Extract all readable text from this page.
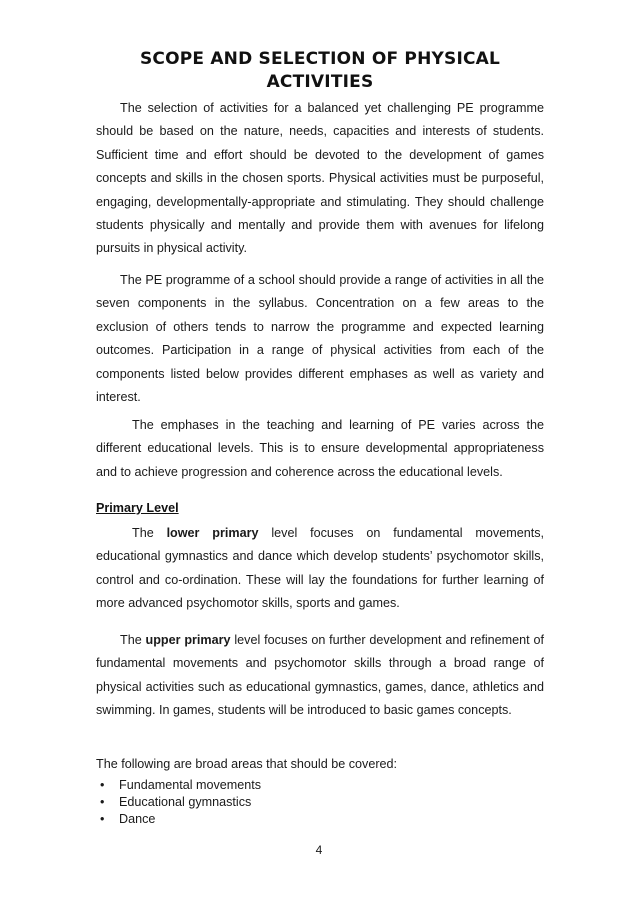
SCOPE AND SELECTION OF PHYSICAL ACTIVITIES

The selection of activities for a balanced yet challenging PE programme should be based on the nature, needs, capacities and interests of students. Sufficient time and effort should be devoted to the development of games concepts and skills in the chosen sports. Physical activities must be purposeful, engaging, developmentally-appropriate and stimulating. They should challenge students physically and mentally and provide them with avenues for lifelong pursuits in physical activity.

The PE programme of a school should provide a range of activities in all the seven components in the syllabus. Concentration on a few areas to the exclusion of others tends to narrow the programme and expected learning outcomes. Participation in a range of physical activities from each of the components listed below provides different emphases as well as variety and interest.

The emphases in the teaching and learning of PE varies across the different educational levels. This is to ensure developmental appropriateness and to achieve progression and coherence across the educational levels.

Primary Level

The lower primary level focuses on fundamental movements, educational gymnastics and dance which develop students’ psychomotor skills, control and co-ordination. These will lay the foundations for further learning of more advanced psychomotor skills, sports and games.

The upper primary level focuses on further development and refinement of fundamental movements and psychomotor skills through a broad range of physical activities such as educational gymnastics, games, dance, athletics and swimming. In games, students will be introduced to basic games concepts.

The following are broad areas that should be covered:
• Fundamental movements
• Educational gymnastics
• Dance
4
